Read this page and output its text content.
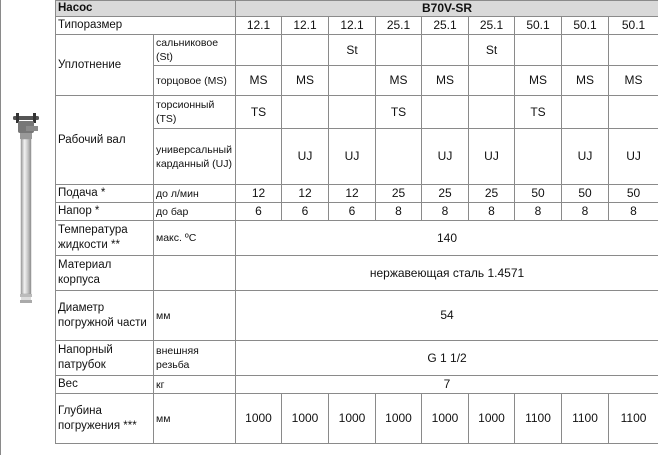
Насос		B70V-SR								
Типоразмер		12.1	12.1	12.1	25.1	25.1	25.1	50.1	50.1	50.1
Уплотнение	сальниковое (St)			St			St			
	торцовое (MS)	MS	MS		MS	MS		MS	MS	MS
Рабочий вал	торсионный (TS)	TS			TS			TS		
	универсальный карданный (UJ)		UJ	UJ		UJ	UJ		UJ	UJ
Подача *	до л/мин	12	12	12	25	25	25	50	50	50
Напор *	до бар	6	6	6	8	8	8	8	8	8
Температура жидкости **	макс. ºC	140								
Материал корпуса		нержавеющая сталь 1.4571								
Диаметр погружной части	мм	54								
Напорный патрубок	внешняя резьба	G 1 1/2								
Вес	кг	7								
Глубина погружения ***	мм	1000	1000	1000	1000	1000	1000	1100	1100	1100
